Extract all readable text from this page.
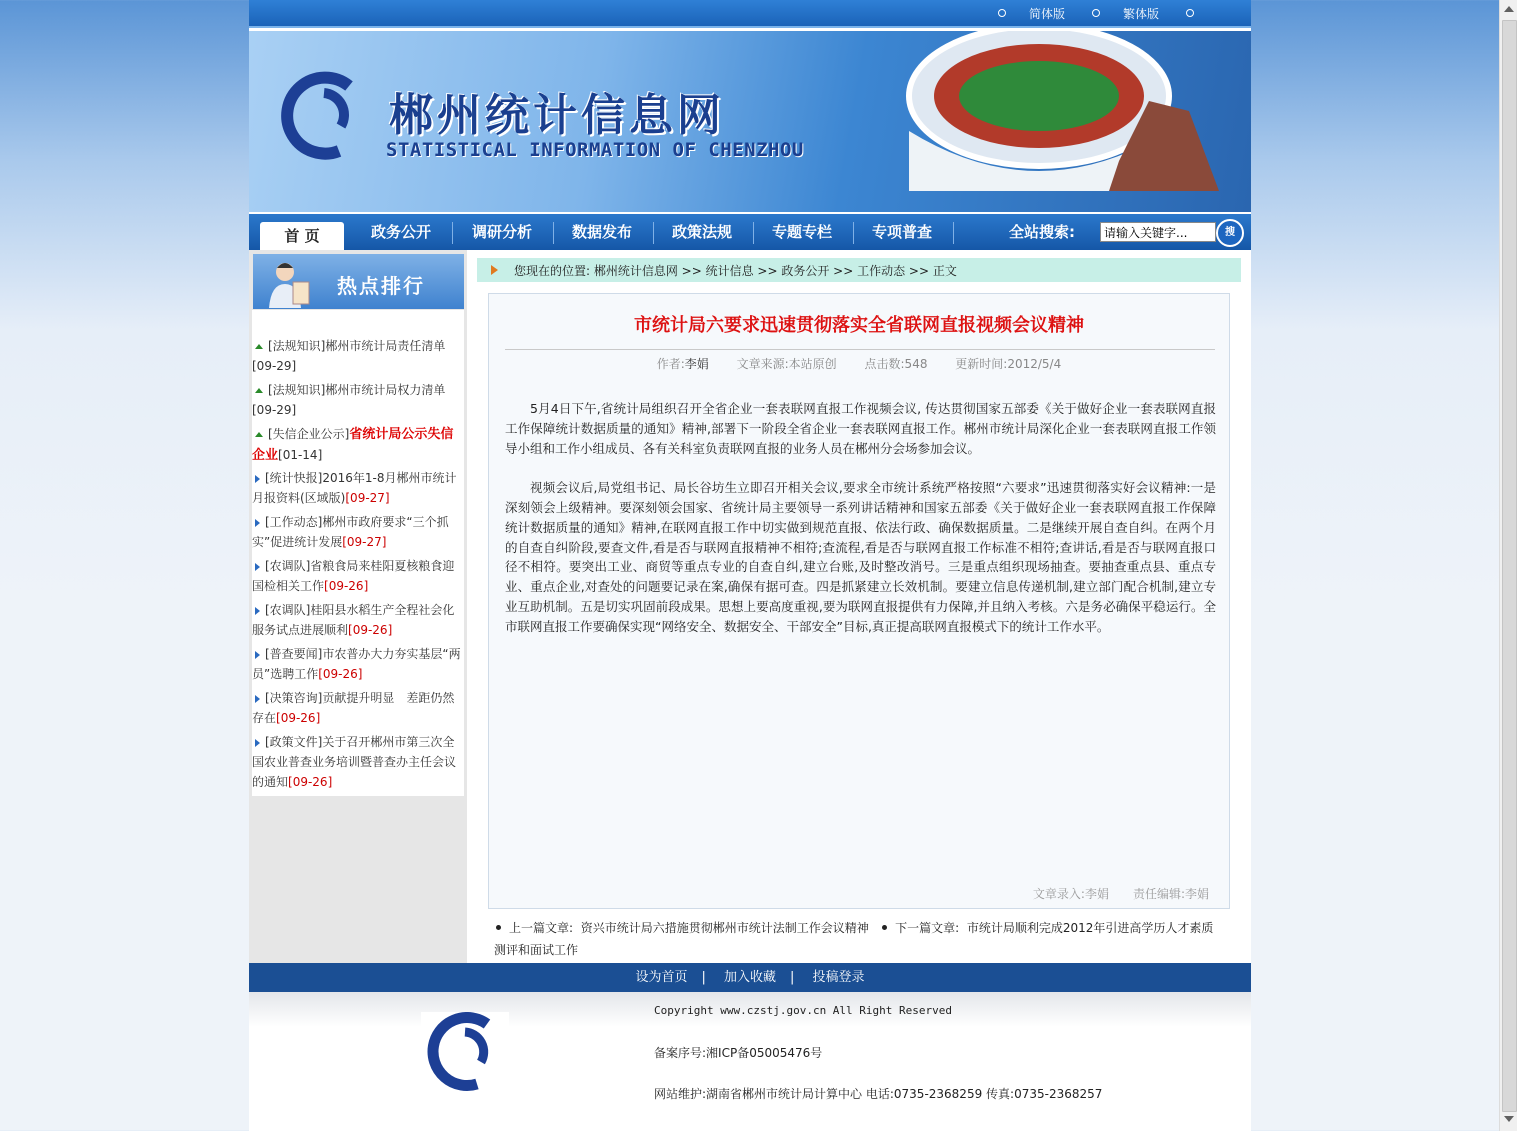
简体版	繁体版
郴州统计信息网
STATISTICAL INFORMATION OF CHENZHOU
首 页	政务公开	调研分析	数据发布	政策法规	专题专栏	专项普查	全站搜索:
请输入关键字...	搜
热点排行
[法规知识]郴州市统计局责任清单
[09-29]
[法规知识]郴州市统计局权力清单
[09-29]
[失信企业公示]省统计局公示失信企业[01-14]
[统计快报]2016年1-8月郴州市统计月报资料(区域版)[09-27]
[工作动态]郴州市政府要求“三个抓实”促进统计发展[09-27]
[农调队]省粮食局来桂阳夏核粮食迎国检相关工作[09-26]
[农调队]桂阳县水稻生产全程社会化服务试点进展顺利[09-26]
[普查要闻]市农普办大力夯实基层“两员”选聘工作[09-26]
[决策咨询]贡献提升明显　差距仍然存在[09-26]
[政策文件]关于召开郴州市第三次全国农业普查业务培训暨普查办主任会议的通知[09-26]
您现在的位置: 郴州统计信息网 >> 统计信息 >> 政务公开 >> 工作动态 >> 正文
市统计局六要求迅速贯彻落实全省联网直报视频会议精神
作者:李娟　　 文章来源:本站原创　　 点击数:548　　 更新时间:2012/5/4

5月4日下午,省统计局组织召开全省企业一套表联网直报工作视频会议, 传达贯彻国家五部委《关于做好企业一套表联网直报工作保障统计数据质量的通知》精神,部署下一阶段全省企业一套表联网直报工作。郴州市统计局深化企业一套表联网直报工作领导小组和工作小组成员、各有关科室负责联网直报的业务人员在郴州分会场参加会议。

视频会议后,局党组书记、局长谷坊生立即召开相关会议,要求全市统计系统严格按照“六要求”迅速贯彻落实好会议精神:一是深刻领会上级精神。要深刻领会国家、省统计局主要领导一系列讲话精神和国家五部委《关于做好企业一套表联网直报工作保障统计数据质量的通知》精神,在联网直报工作中切实做到规范直报、依法行政、确保数据质量。二是继续开展自查自纠。在两个月的自查自纠阶段,要查文件,看是否与联网直报精神不相符;查流程,看是否与联网直报工作标准不相符;查讲话,看是否与联网直报口径不相符。要突出工业、商贸等重点专业的自查自纠,建立台账,及时整改消号。三是重点组织现场抽查。要抽查重点县、重点专业、重点企业,对查处的问题要记录在案,确保有据可查。四是抓紧建立长效机制。要建立信息传递机制,建立部门配合机制,建立专业互助机制。五是切实巩固前段成果。思想上要高度重视,要为联网直报提供有力保障,并且纳入考核。六是务必确保平稳运行。全市联网直报工作要确保实现“网络安全、数据安全、干部安全”目标,真正提高联网直报模式下的统计工作水平。

文章录入:李娟　　责任编辑:李娟
上一篇文章: 资兴市统计局六措施贯彻郴州市统计法制工作会议精神 下一篇文章: 市统计局顺利完成2012年引进高学历人才素质测评和面试工作
设为首页 | 加入收藏 | 投稿登录
Copyright www.czstj.gov.cn All Right Reserved
备案序号:湘ICP备05005476号
网站维护:湖南省郴州市统计局计算中心 电话:0735-2368259 传真:0735-2368257
